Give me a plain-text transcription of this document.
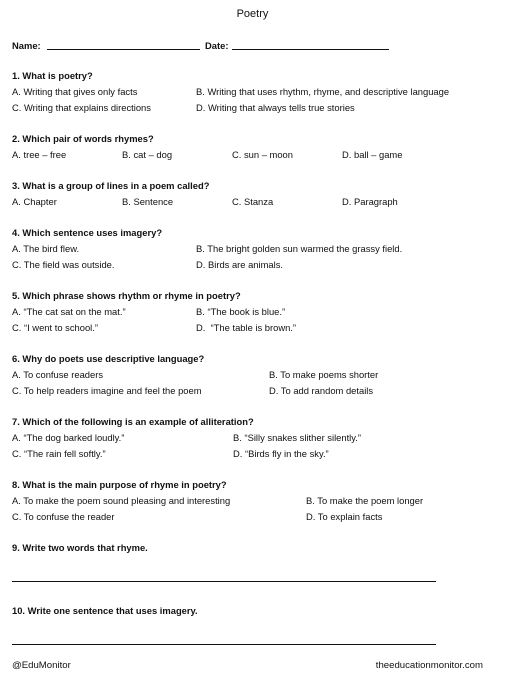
Poetry
Name:	Date:
1. What is poetry?
A. Writing that gives only facts	B. Writing that uses rhythm, rhyme, and descriptive language
C. Writing that explains directions	D. Writing that always tells true stories
2. Which pair of words rhymes?
A. tree – free	B. cat – dog	C. sun – moon	D. ball – game
3. What is a group of lines in a poem called?
A. Chapter	B. Sentence	C. Stanza	D. Paragraph
4. Which sentence uses imagery?
A. The bird flew.	B. The bright golden sun warmed the grassy field.
C. The field was outside.	D. Birds are animals.
5. Which phrase shows rhythm or rhyme in poetry?
A. “The cat sat on the mat.”	B. “The book is blue.”
C. “I went to school.”	D.  “The table is brown.”
6. Why do poets use descriptive language?
A. To confuse readers	B. To make poems shorter
C. To help readers imagine and feel the poem	D. To add random details
7. Which of the following is an example of alliteration?
A. “The dog barked loudly.”	B. “Silly snakes slither silently.”
C. “The rain fell softly.”	D. “Birds fly in the sky.”
8. What is the main purpose of rhyme in poetry?
A. To make the poem sound pleasing and interesting	B. To make the poem longer
C. To confuse the reader	D. To explain facts
9. Write two words that rhyme.
10. Write one sentence that uses imagery.
@EduMonitor	theeducationmonitor.com
